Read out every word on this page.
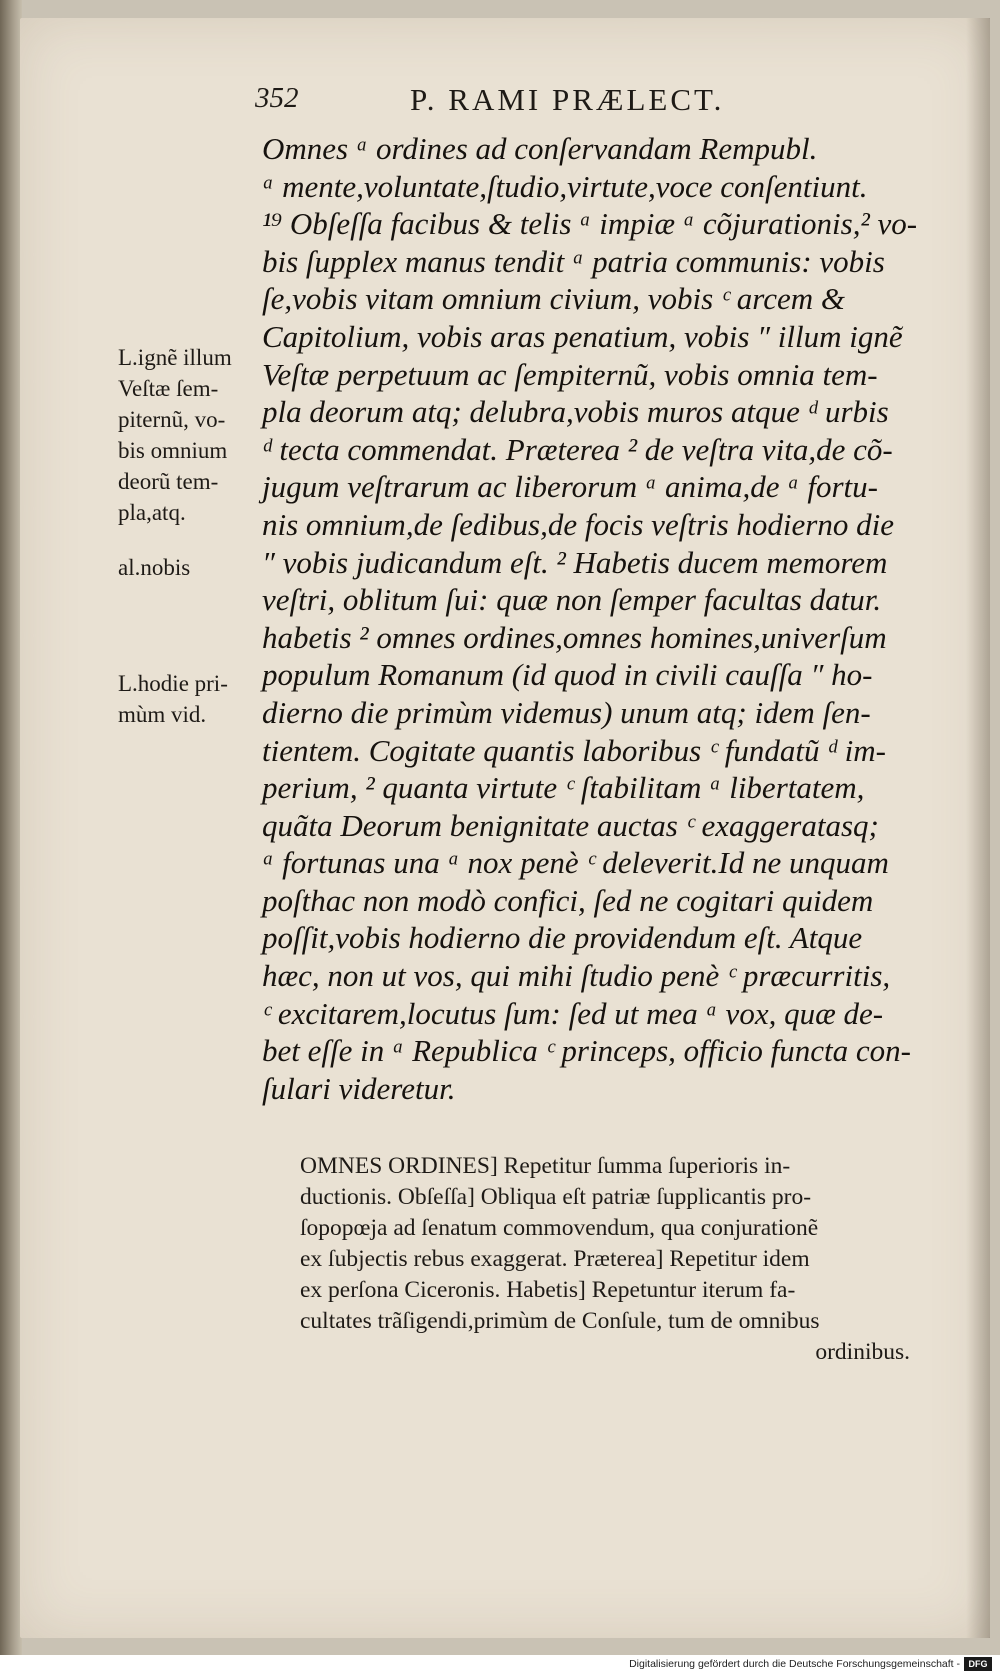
352	P. RAMI PRÆLECT.
Omnes ᵃ ordines ad conſervandam Rempubl.
ᵃ mente,voluntate,ſtudio,virtute,voce conſentiunt.
¹⁹ Obſeſſa facibus & telis ᵃ impiæ ᵃ cõjurationis,² vo-
bis ſupplex manus tendit ᵃ patria communis: vobis
ſe,vobis vitam omnium civium, vobis ᶜ arcem &
Capitolium, vobis aras penatium, vobis ″ illum ignẽ
Veſtæ perpetuum ac ſempiternũ, vobis omnia tem-
pla deorum atq; delubra,vobis muros atque ᵈ urbis
ᵈ tecta commendat. Præterea ² de veſtra vita,de cõ-
jugum veſtrarum ac liberorum ᵃ anima,de ᵃ fortu-
nis omnium,de ſedibus,de focis veſtris hodierno die
″ vobis judicandum eſt. ² Habetis ducem memorem
veſtri, oblitum ſui: quæ non ſemper facultas datur.
habetis ² omnes ordines,omnes homines,univerſum
populum Romanum (id quod in civili cauſſa ″ ho-
dierno die primùm videmus) unum atq; idem ſen-
tientem. Cogitate quantis laboribus ᶜ fundatũ ᵈ im-
perium, ² quanta virtute ᶜ ſtabilitam ᵃ libertatem,
quãta Deorum benignitate auctas ᶜ exaggeratasq;
ᵃ fortunas una ᵃ nox penè ᶜ deleverit.Id ne unquam
poſthac non modò confici, ſed ne cogitari quidem
poſſit,vobis hodierno die providendum eſt. Atque
hæc, non ut vos, qui mihi ſtudio penè ᶜ præcurritis,
ᶜ excitarem,locutus ſum: ſed ut mea ᵃ vox, quæ de-
bet eſſe in ᵃ Republica ᶜ princeps, officio functa con-
ſulari videretur.
L.ignẽ illum
Veſtæ ſem-
piternũ, vo-
bis omnium
deorũ tem-
pla,atq.
al.nobis
L.hodie pri-
mùm vid.
OMNES ORDINES] Repetitur ſumma ſuperioris in-
ductionis. Obſeſſa] Obliqua eſt patriæ ſupplicantis pro-
ſopopœja ad ſenatum commovendum, qua conjurationẽ
ex ſubjectis rebus exaggerat. Præterea] Repetitur idem
ex perſona Ciceronis. Habetis] Repetuntur iterum fa-
cultates trãſigendi,primùm de Conſule, tum de omnibus
ordinibus.
Digitalisierung gefördert durch die Deutsche Forschungsgemeinschaft - DFG
